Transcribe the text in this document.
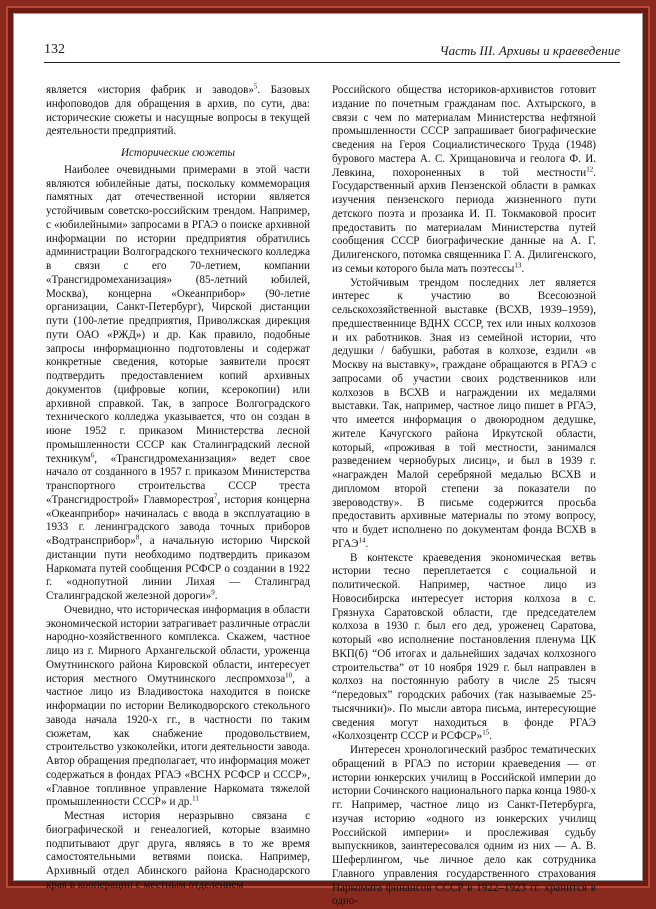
132	Часть III. Архивы и краеведение

является «история фабрик и заводов»$^5$. Базовых инфоповодов для обращения в архив, по сути, два: исторические сюжеты и насущные вопросы в текущей деятельности предприятий.

Исторические сюжеты

Наиболее очевидными примерами в этой части являются юбилейные даты, поскольку коммеморация памятных дат отечественной истории является устойчивым советско-российским трендом. Например, с «юбилейными» запросами в РГАЭ о поиске архивной информации по истории предприятия обратились администрации Волгоградского технического колледжа в связи с его 70-летием, компании «Трансгидромеханизация» (85-летний юбилей, Москва), концерна «Океанприбор» (90-летие организации, Санкт-Петербург), Чирской дистанции пути (100-летие предприятия, Приволжская дирекция пути ОАО «РЖД») и др. Как правило, подобные запросы информационно подготовлены и содержат конкретные сведения, которые заявители просят подтвердить предоставлением копий архивных документов (цифровые копии, ксерокопии) или архивной справкой. Так, в запросе Волгоградского технического колледжа указывается, что он создан в июне 1952 г. приказом Министерства лесной промышленности СССР как Сталинградский лесной техникум$^6$, «Трансгидромеханизация» ведет свое начало от созданного в 1957 г. приказом Министерства транспортного строительства СССР треста «Трансгидрострой» Главморестроя$^7$, история концерна «Океанприбор» начиналась с ввода в эксплуатацию в 1933 г. ленинградского завода точных приборов «Водтрансприбор»$^8$, а начальную историю Чирской дистанции пути необходимо подтвердить приказом Наркомата путей сообщения РСФСР о создании в 1922 г. «однопутной линии Лихая — Сталинград Сталинградской железной дороги»$^9$.

Очевидно, что историческая информация в области экономической истории затрагивает различные отрасли народно-хозяйственного комплекса. Скажем, частное лицо из г. Мирного Архангельской области, уроженца Омутнинского района Кировской области, интересует история местного Омутнинского леспромхоза$^{10}$, а частное лицо из Владивостока находится в поиске информации по истории Великодворского стекольного завода начала 1920-х гг., в частности по таким сюжетам, как снабжение продовольствием, строительство узкоколейки, итоги деятельности завода. Автор обращения предполагает, что информация может содержаться в фондах РГАЭ «ВСНХ РСФСР и СССР», «Главное топливное управление Наркомата тяжелой промышленности СССР» и др.$^{11}$

Местная история неразрывно связана с биографической и генеалогией, которые взаимно подпитывают друг друга, являясь в то же время самостоятельными ветвями поиска. Например, Архивный отдел Абинского района Краснодарского края в кооперации с местным отделением

Российского общества историков-архивистов готовит издание по почетным гражданам пос. Ахтырского, в связи с чем по материалам Министерства нефтяной промышленности СССР запрашивает биографические сведения на Героя Социалистического Труда (1948) бурового мастера А. С. Хрищановича и геолога Ф. И. Левкина, похороненных в той местности$^{12}$. Государственный архив Пензенской области в рамках изучения пензенского периода жизненного пути детского поэта и прозаика И. П. Токмаковой просит предоставить по материалам Министерства путей сообщения СССР биографические данные на А. Г. Дилигенского, потомка священника Г. А. Дилигенского, из семьи которого была мать поэтессы$^{13}$.

Устойчивым трендом последних лет является интерес к участию во Всесоюзной сельскохозяйственной выставке (ВСХВ, 1939–1959), предшественнице ВДНХ СССР, тех или иных колхозов и их работников. Зная из семейной истории, что дедушки / бабушки, работая в колхозе, ездили «в Москву на выставку», граждане обращаются в РГАЭ с запросами об участии своих родственников или колхозов в ВСХВ и награждении их медалями выставки. Так, например, частное лицо пишет в РГАЭ, что имеется информация о двоюродном дедушке, жителе Качугского района Иркутской области, который, «проживая в той местности, занимался разведением чернобурых лисиц», и был в 1939 г. «награжден Малой серебряной медалью ВСХВ и дипломом второй степени за показатели по звероводству». В письме содержится просьба предоставить архивные материалы по этому вопросу, что и будет исполнено по документам фонда ВСХВ в РГАЭ$^{14}$.

В контексте краеведения экономическая ветвь истории тесно переплетается с социальной и политической. Например, частное лицо из Новосибирска интересует история колхоза в с. Грязнуха Саратовской области, где председателем колхоза в 1930 г. был его дед, уроженец Саратова, который «во исполнение постановления пленума ЦК ВКП(б) “Об итогах и дальнейших задачах колхозного строительства” от 10 ноября 1929 г. был направлен в колхоз на постоянную работу в числе 25 тысяч “передовых” городских рабочих (так называемые 25-тысячники)». По мысли автора письма, интересующие сведения могут находиться в фонде РГАЭ «Колхозцентр СССР и РСФСР»$^{15}$.

Интересен хронологический разброс тематических обращений в РГАЭ по истории краеведения — от истории юнкерских училищ в Российской империи до истории Сочинского национального парка конца 1980-х гг. Например, частное лицо из Санкт-Петербурга, изучая историю «одного из юнкерских училищ Российской империи» и прослеживая судьбу выпускников, заинтересовался одним из них — А. В. Шеферлингом, чье личное дело как сотрудника Главного управления государственного страхования Наркомата финансов СССР в 1922–1923 гг. хранится в одно-
